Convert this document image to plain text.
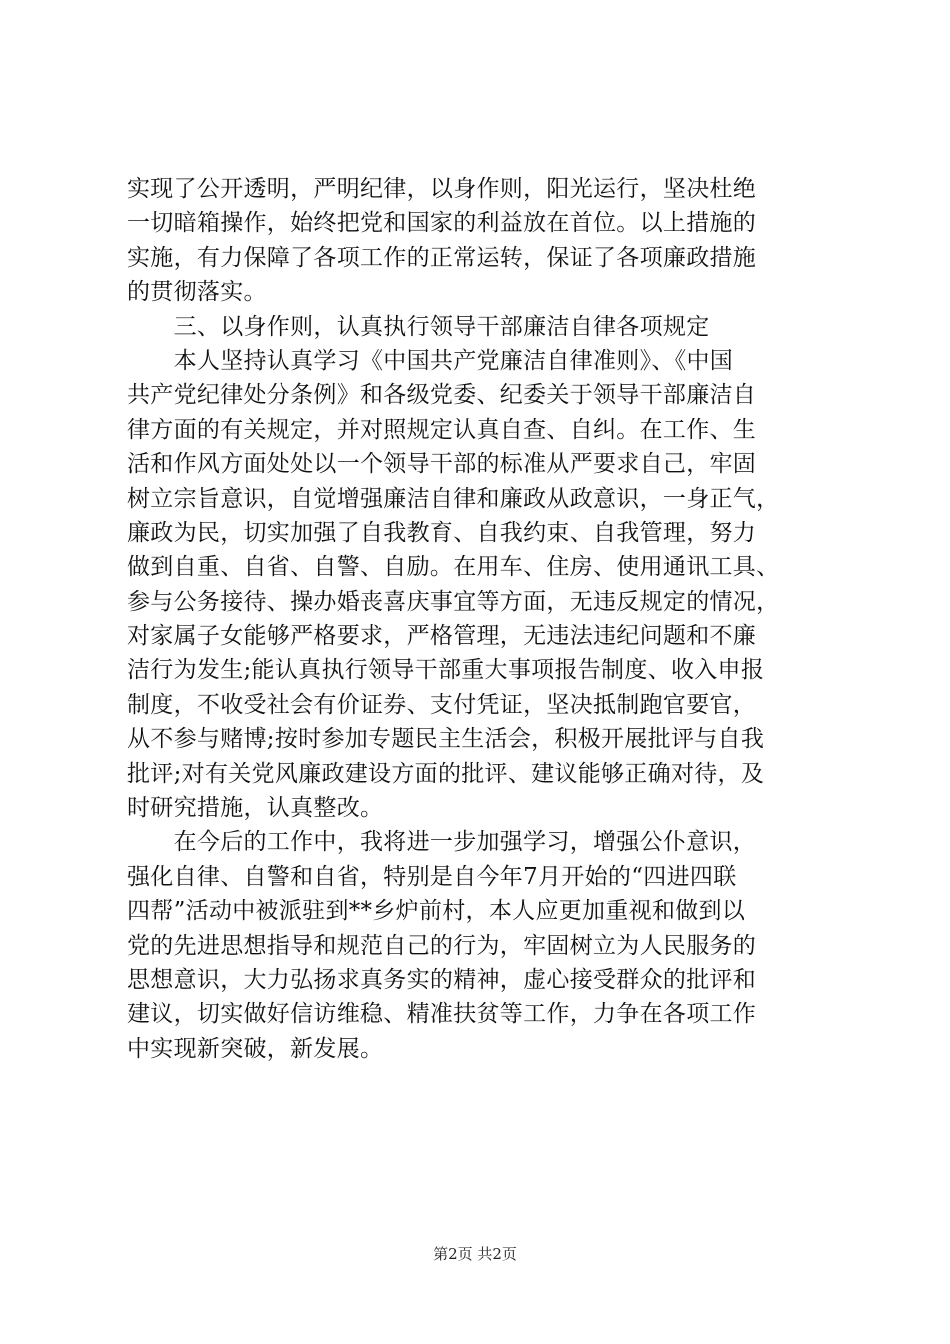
实现了公开透明，严明纪律，以身作则，阳光运行，坚决杜绝
一切暗箱操作，始终把党和国家的利益放在首位。以上措施的
实施，有力保障了各项工作的正常运转，保证了各项廉政措施
的贯彻落实。
　　三、以身作则，认真执行领导干部廉洁自律各项规定
　　本人坚持认真学习《中国共产党廉洁自律准则》、《中国
共产党纪律处分条例》和各级党委、纪委关于领导干部廉洁自
律方面的有关规定，并对照规定认真自查、自纠。在工作、生
活和作风方面处处以一个领导干部的标准从严要求自己，牢固
树立宗旨意识，自觉增强廉洁自律和廉政从政意识，一身正气，
廉政为民，切实加强了自我教育、自我约束、自我管理，努力
做到自重、自省、自警、自励。在用车、住房、使用通讯工具、
参与公务接待、操办婚丧喜庆事宜等方面，无违反规定的情况，
对家属子女能够严格要求，严格管理，无违法违纪问题和不廉
洁行为发生;能认真执行领导干部重大事项报告制度、收入申报
制度，不收受社会有价证券、支付凭证，坚决抵制跑官要官，
从不参与赌博;按时参加专题民主生活会，积极开展批评与自我
批评;对有关党风廉政建设方面的批评、建议能够正确对待，及
时研究措施，认真整改。
　　在今后的工作中，我将进一步加强学习，增强公仆意识，
强化自律、自警和自省，特别是自今年7月开始的“四进四联
四帮”活动中被派驻到**乡炉前村，本人应更加重视和做到以
党的先进思想指导和规范自己的行为，牢固树立为人民服务的
思想意识，大力弘扬求真务实的精神，虚心接受群众的批评和
建议，切实做好信访维稳、精准扶贫等工作，力争在各项工作
中实现新突破，新发展。
第2页 共2页
